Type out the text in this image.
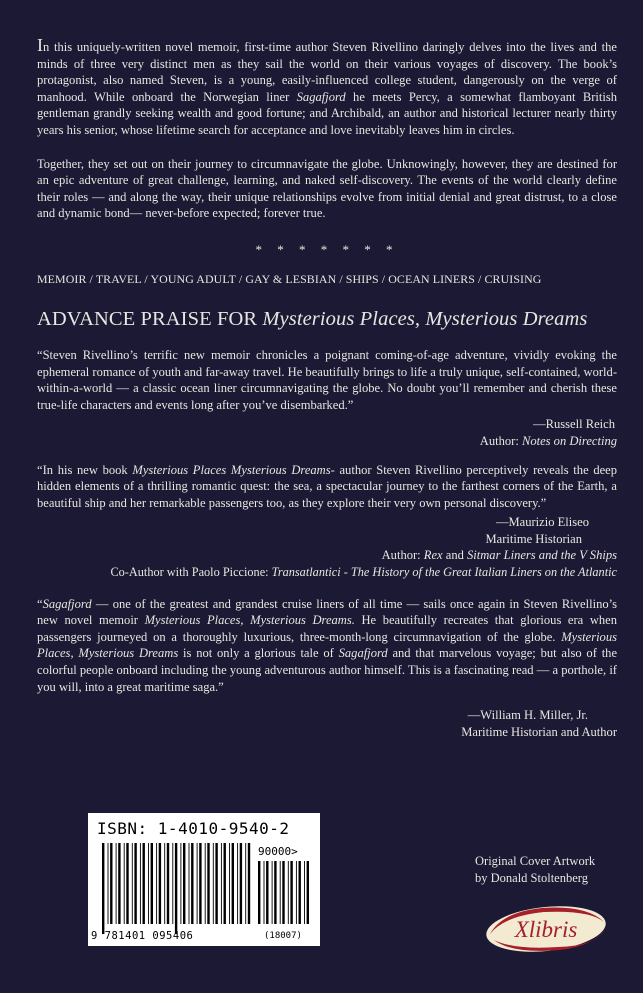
In this uniquely-written novel memoir, first-time author Steven Rivellino daringly delves into the lives and the minds of three very distinct men as they sail the world on their various voyages of discovery. The book’s protagonist, also named Steven, is a young, easily-influenced college student, dangerously on the verge of manhood. While onboard the Norwegian liner Sagafjord he meets Percy, a somewhat flamboyant British gentleman grandly seeking wealth and good fortune; and Archibald, an author and historical lecturer nearly thirty years his senior, whose lifetime search for acceptance and love inevitably leaves him in circles.

Together, they set out on their journey to circumnavigate the globe. Unknowingly, however, they are destined for an epic adventure of great challenge, learning, and naked self-discovery. The events of the world clearly define their roles — and along the way, their unique relationships evolve from initial denial and great distrust, to a close and dynamic bond— never-before expected; forever true.

* * * * * * *
MEMOIR / TRAVEL / YOUNG ADULT / GAY & LESBIAN / SHIPS / OCEAN LINERS / CRUISING
ADVANCE PRAISE FOR Mysterious Places, Mysterious Dreams

“Steven Rivellino’s terrific new memoir chronicles a poignant coming-of-age adventure, vividly evoking the ephemeral romance of youth and far-away travel. He beautifully brings to life a truly unique, self-contained, world-within-a-world — a classic ocean liner circumnavigating the globe. No doubt you’ll remember and cherish these true-life characters and events long after you’ve disembarked.”

—Russell Reich
Author: Notes on Directing

“In his new book Mysterious Places Mysterious Dreams- author Steven Rivellino perceptively reveals the deep hidden elements of a thrilling romantic quest: the sea, a spectacular journey to the farthest corners of the Earth, a beautiful ship and her remarkable passengers too, as they explore their very own personal discovery.”

—Maurizio Eliseo
Maritime Historian
Author: Rex and Sitmar Liners and the V Ships
Co-Author with Paolo Piccione: Transatlantici - The History of the Great Italian Liners on the Atlantic

“Sagafjord — one of the greatest and grandest cruise liners of all time — sails once again in Steven Rivellino’s new novel memoir Mysterious Places, Mysterious Dreams. He beautifully recreates that glorious era when passengers journeyed on a thoroughly luxurious, three-month-long circumnavigation of the globe. Mysterious Places, Mysterious Dreams is not only a glorious tale of Sagafjord and that marvelous voyage; but also of the colorful people onboard including the young adventurous author himself. This is a fascinating read — a porthole, if you will, into a great maritime saga.”

—William H. Miller, Jr.
Maritime Historian and Author
ISBN: 1-4010-9540-2
90000>
9 781401 095406	(18007)
Original Cover Artwork
by Donald Stoltenberg
Xlibris
